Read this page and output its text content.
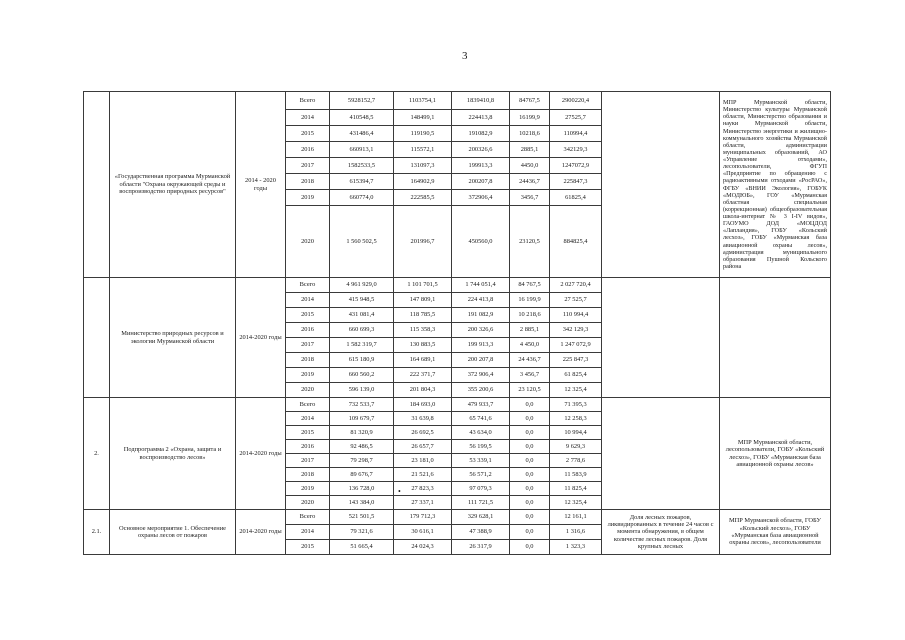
3
	«Государственная программа Мурманской области "Охрана окружающей среды и воспроизводство природных ресурсов"	2014 - 2020 годы	Всего	5928152,7	1103754,1	1839410,8	84767,5	2900220,4		МПР Мурманской области, Министерство культуры Мурманской области, Министерство образования и науки Мурманской области, Министерство энергетики и жилищно-коммунального хозяйства Мурманской области, администрации муниципальных образований, АО «Управление отходами», лесопользователи, ФГУП «Предприятие по обращению с радиоактивными отходами «РосРАО», ФГБУ «ВНИИ Экология», ГОБУК «МОДЮБ», ГОУ «Мурманская областная специальная (коррекционная) общеобразовательная школа-интернат № 3 I-IV видов», ГАОУМО ДОД «МОЦДОД «Лапландия», ГОБУ «Кольский лесхоз», ГОБУ «Мурманская база авиационной охраны лесов», администрация муниципального образования Пушной Кольского района
			2014	410548,5	148499,1	224413,8	16199,9	27525,7		
			2015	431486,4	119190,5	191082,9	10218,6	110994,4		
			2016	660913,1	115572,1	200326,6	2885,1	342129,3		
			2017	1582533,5	131097,3	199913,3	4450,0	1247072,9		
			2018	615394,7	164902,9	200207,8	24436,7	225847,3		
			2019	660774,0	222585,5	372906,4	3456,7	61825,4		
			2020	1 560 502,5	201996,7	450560,0	23120,5	884825,4		
	Министерство природных ресурсов и экологии Мурманской области	2014-2020 годы	Всего	4 961 929,0	1 101 701,5	1 744 051,4	84 767,5	2 027 720,4		
			2014	415 948,5	147 809,1	224 413,8	16 199,9	27 525,7		
			2015	431 081,4	118 785,5	191 082,9	10 218,6	110 994,4		
			2016	660 699,3	115 358,3	200 326,6	2 885,1	342 129,3		
			2017	1 582 319,7	130 883,5	199 913,3	4 450,0	1 247 072,9		
			2018	615 180,9	164 689,1	200 207,8	24 436,7	225 847,3		
			2019	660 560,2	222 371,7	372 906,4	3 456,7	61 825,4		
			2020	596 139,0	201 804,3	355 200,6	23 120,5	12 325,4		
2.	Подпрограмма 2 «Охрана, защита и воспроизводство лесов»	2014-2020 годы	Всего	732 533,7	184 693,0	479 933,7	0,0	71 395,3		МПР Мурманской области, лесопользователи, ГОБУ «Кольский лесхоз», ГОБУ «Мурманская база авиационной охраны лесов»
			2014	109 679,7	31 639,8	65 741,6	0,0	12 258,3		
			2015	81 320,9	26 692,5	43 634,0	0,0	10 994,4		
			2016	92 486,5	26 657,7	56 199,5	0,0	9 629,3		
			2017	79 298,7	23 181,0	53 339,1	0,0	2 778,6		
			2018	89 676,7	21 521,6	56 571,2	0,0	11 583,9		
			2019	136 728,0	27 823,3	97 079,3	0,0	11 825,4		
			2020	143 384,0	27 337,1	111 721,5	0,0	12 325,4		
2.1.	Основное мероприятие 1. Обеспечение охраны лесов от пожаров	2014-2020 годы	Всего	521 501,5	179 712,3	329 628,1	0,0	12 161,1	Доля лесных пожаров, ликвидированных в течение 24 часов с момента обнаружения, в общем количестве лесных пожаров. Доля крупных лесных	МПР Мурманской области, ГОБУ «Кольский лесхоз», ГОБУ «Мурманская база авиационной охраны лесов», лесопользователи
			2014	79 321,6	30 616,1	47 388,9	0,0	1 316,6		
			2015	51 665,4	24 024,3	26 317,9	0,0	1 323,3		
•
